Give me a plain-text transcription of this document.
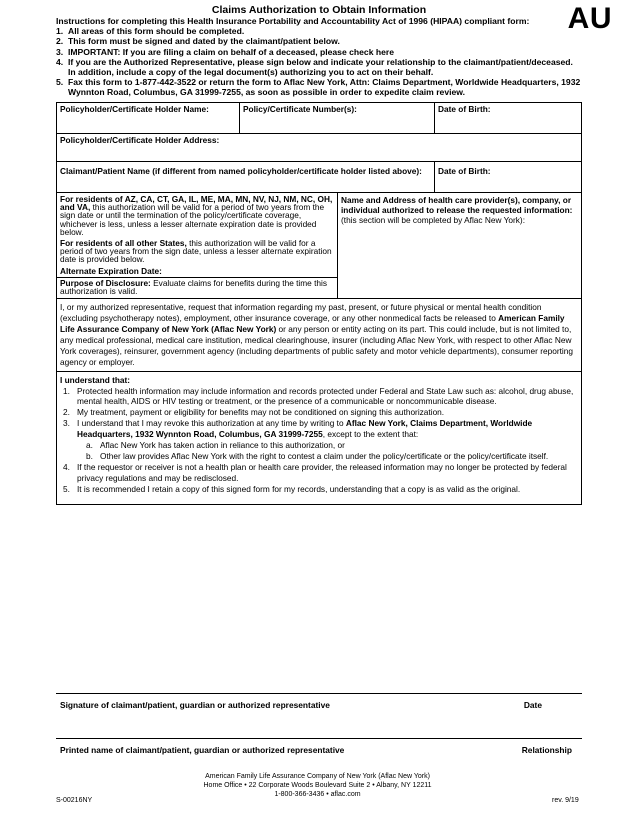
AU
Claims Authorization to Obtain Information
Instructions for completing this Health Insurance Portability and Accountability Act of 1996 (HIPAA) compliant form:
1. All areas of this form should be completed.
2. This form must be signed and dated by the claimant/patient below.
3. IMPORTANT: If you are filing a claim on behalf of a deceased, please check here
4. If you are the Authorized Representative, please sign below and indicate your relationship to the claimant/patient/deceased. In addition, include a copy of the legal document(s) authorizing you to act on their behalf.
5. Fax this form to 1-877-442-3522 or return the form to Aflac New York, Attn: Claims Department, Worldwide Headquarters, 1932 Wynnton Road, Columbus, GA 31999-7255, as soon as possible in order to expedite claim review.
Policyholder/Certificate Holder Name:	Policy/Certificate Number(s):	Date of Birth:
Policyholder/Certificate Holder Address:
Claimant/Patient Name (if different from named policyholder/certificate holder listed above):	Date of Birth:
For residents of AZ, CA, CT, GA, IL, ME, MA, MN, NV, NJ, NM, NC, OH, and VA, this authorization will be valid for a period of two years from the sign date or until the termination of the policy/certificate coverage, whichever is less, unless a lesser alternate expiration date is provided below.
For residents of all other States, this authorization will be valid for a period of two years from the sign date, unless a lesser alternate expiration date is provided below.
Alternate Expiration Date:
Purpose of Disclosure: Evaluate claims for benefits during the time this authorization is valid.
Name and Address of health care provider(s), company, or individual authorized to release the requested information:
(this section will be completed by Aflac New York):
I, or my authorized representative, request that information regarding my past, present, or future physical or mental health condition (excluding psychotherapy notes), employment, other insurance coverage, or any other nonmedical facts be released to American Family Life Assurance Company of New York (Aflac New York) or any person or entity acting on its part. This could include, but is not limited to, any medical professional, medical care institution, medical clearinghouse, insurer (including Aflac New York, with respect to other Aflac New York coverages), reinsurer, government agency (including departments of public safety and motor vehicle departments), consumer reporting agency or employer.
I understand that:
1. Protected health information may include information and records protected under Federal and State Law such as: alcohol, drug abuse, mental health, AIDS or HIV testing or treatment, or the presence of a communicable or noncommunicable disease.
2. My treatment, payment or eligibility for benefits may not be conditioned on signing this authorization.
3. I understand that I may revoke this authorization at any time by writing to Aflac New York, Claims Department, Worldwide Headquarters, 1932 Wynnton Road, Columbus, GA 31999-7255, except to the extent that:
a. Aflac New York has taken action in reliance to this authorization, or
b. Other law provides Aflac New York with the right to contest a claim under the policy/certificate or the policy/certificate itself.
4. If the requestor or receiver is not a health plan or health care provider, the released information may no longer be protected by federal privacy regulations and may be redisclosed.
5. It is recommended I retain a copy of this signed form for my records, understanding that a copy is as valid as the original.
Signature of claimant/patient, guardian or authorized representative	Date
Printed name of claimant/patient, guardian or authorized representative	Relationship
American Family Life Assurance Company of New York (Aflac New York)
Home Office • 22 Corporate Woods Boulevard Suite 2 • Albany, NY 12211
1-800-366-3436 • aflac.com
S-00216NY	rev. 9/19
